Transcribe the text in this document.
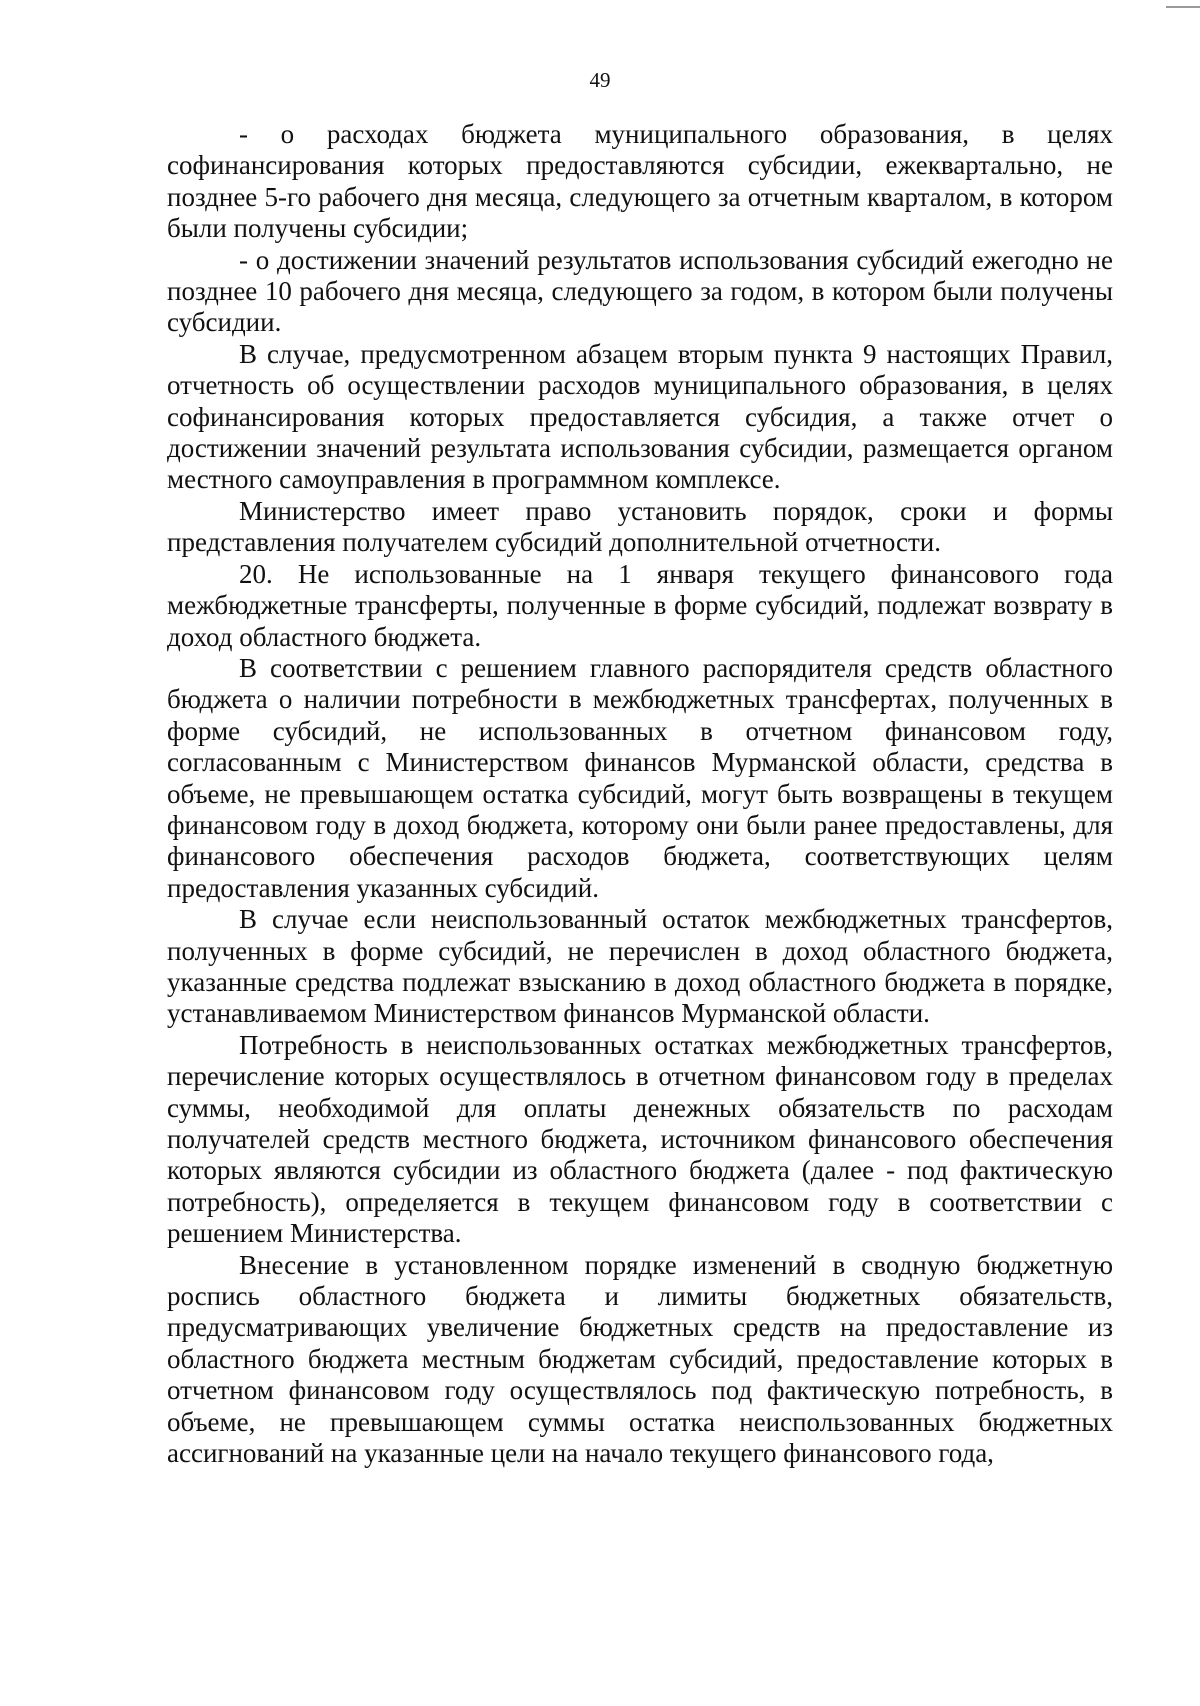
49

- о расходах бюджета муниципального образования, в целях софинансирования которых предоставляются субсидии, ежеквартально, не позднее 5-го рабочего дня месяца, следующего за отчетным кварталом, в котором были получены субсидии;

- о достижении значений результатов использования субсидий ежегодно не позднее 10 рабочего дня месяца, следующего за годом, в котором были получены субсидии.

В случае, предусмотренном абзацем вторым пункта 9 настоящих Правил, отчетность об осуществлении расходов муниципального образования, в целях софинансирования которых предоставляется субсидия, а также отчет о достижении значений результата использования субсидии, размещается органом местного самоуправления в программном комплексе.

Министерство имеет право установить порядок, сроки и формы представления получателем субсидий дополнительной отчетности.

20. Не использованные на 1 января текущего финансового года межбюджетные трансферты, полученные в форме субсидий, подлежат возврату в доход областного бюджета.

В соответствии с решением главного распорядителя средств областного бюджета о наличии потребности в межбюджетных трансфертах, полученных в форме субсидий, не использованных в отчетном финансовом году, согласованным с Министерством финансов Мурманской области, средства в объеме, не превышающем остатка субсидий, могут быть возвращены в текущем финансовом году в доход бюджета, которому они были ранее предоставлены, для финансового обеспечения расходов бюджета, соответствующих целям предоставления указанных субсидий.

В случае если неиспользованный остаток межбюджетных трансфертов, полученных в форме субсидий, не перечислен в доход областного бюджета, указанные средства подлежат взысканию в доход областного бюджета в порядке, устанавливаемом Министерством финансов Мурманской области.

Потребность в неиспользованных остатках межбюджетных трансфертов, перечисление которых осуществлялось в отчетном финансовом году в пределах суммы, необходимой для оплаты денежных обязательств по расходам получателей средств местного бюджета, источником финансового обеспечения которых являются субсидии из областного бюджета (далее - под фактическую потребность), определяется в текущем финансовом году в соответствии с решением Министерства.

Внесение в установленном порядке изменений в сводную бюджетную роспись областного бюджета и лимиты бюджетных обязательств, предусматривающих увеличение бюджетных средств на предоставление из областного бюджета местным бюджетам субсидий, предоставление которых в отчетном финансовом году осуществлялось под фактическую потребность, в объеме, не превышающем суммы остатка неиспользованных бюджетных ассигнований на указанные цели на начало текущего финансового года,
